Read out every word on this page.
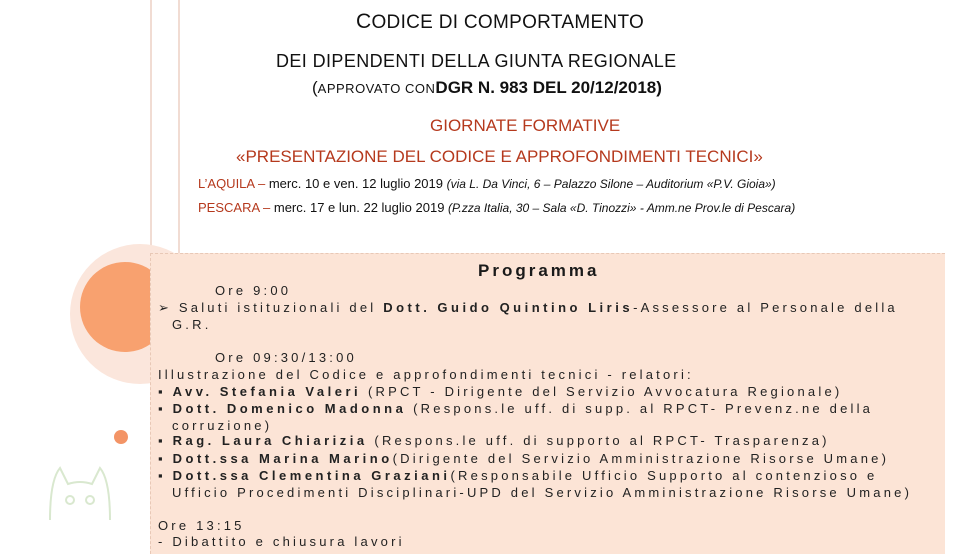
CODICE DI COMPORTAMENTO
DEI DIPENDENTI DELLA GIUNTA REGIONALE
(APPROVATO CONDGR N. 983 DEL 20/12/2018)
GIORNATE FORMATIVE
«PRESENTAZIONE DEL CODICE E APPROFONDIMENTI TECNICI»
L’AQUILA – merc. 10 e ven. 12 luglio 2019 (via L. Da Vinci, 6 – Palazzo Silone – Auditorium «P.V. Gioia»)
PESCARA – merc. 17 e lun. 22 luglio 2019 (P.zza Italia, 30 – Sala «D. Tinozzi» - Amm.ne Prov.le di Pescara)
Programma
Ore 9:00
➢ Saluti istituzionali del Dott. Guido Quintino Liris-Assessore al Personale della
G.R.
Ore 09:30/13:00
Illustrazione del Codice e approfondimenti tecnici - relatori:
▪ Avv. Stefania Valeri (RPCT - Dirigente del Servizio Avvocatura Regionale)
▪ Dott. Domenico Madonna (Respons.le uff. di supp. al RPCT- Prevenz.ne della
corruzione)
▪ Rag. Laura Chiarizia (Respons.le uff. di supporto al RPCT- Trasparenza)
▪ Dott.ssa Marina Marino(Dirigente del Servizio Amministrazione Risorse Umane)
▪ Dott.ssa Clementina Graziani(Responsabile Ufficio Supporto al contenzioso e
Ufficio Procedimenti Disciplinari-UPD del Servizio Amministrazione Risorse Umane)
Ore 13:15
- Dibattito e chiusura lavori
